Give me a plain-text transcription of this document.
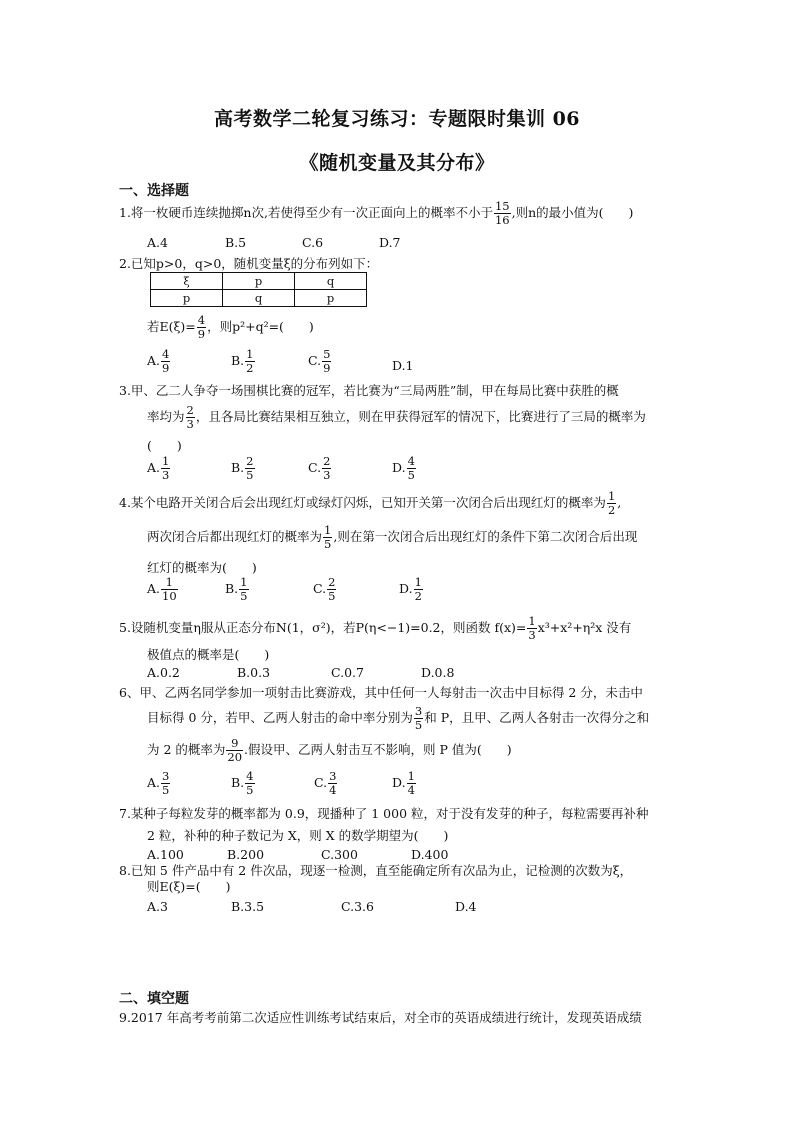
高考数学二轮复习练习：专题限时集训 06
《随机变量及其分布》
一、选择题
1.将一枚硬币连续抛掷n次,若使得至少有一次正面向上的概率不小于 $\frac{15}{16}$ ,则n的最小值为(　　)
A.4	B.5	C.6	D.7
2.已知p>0，q>0，随机变量ξ的分布列如下：
ξ	p	q
p	q	p
若$E(\xi)= \frac{4}{9}$ ，则p²+q²=(　　)
A. $\frac{4}{9}$	B. $\frac{1}{2}$	C. $\frac{5}{9}$	D.1
3.甲、乙二人争夺一场围棋比赛的冠军，若比赛为“三局两胜”制，甲在每局比赛中获胜的概
率均为 $\frac{2}{3}$ ，且各局比赛结果相互独立，则在甲获得冠军的情况下，比赛进行了三局的概率为
(　　)
A. $\frac{1}{3}$	B. $\frac{2}{5}$	C. $\frac{2}{3}$	D. $\frac{4}{5}$
4.某个电路开关闭合后会出现红灯或绿灯闪烁，已知开关第一次闭合后出现红灯的概率为 $\frac{1}{2}$ ,
两次闭合后都出现红灯的概率为 $\frac{1}{5}$ ,则在第一次闭合后出现红灯的条件下第二次闭合后出现
红灯的概率为(　　)
A. $\frac{1}{10}$	B. $\frac{1}{5}$	C. $\frac{2}{5}$	D. $\frac{1}{2}$
5.设随机变量η服从正态分布N(1，σ²)，若P(η<−1)=0.2，则函数 $f(x)= \frac{1}{3} x^3+x^2+\eta^2x$ 没有
极值点的概率是(　　)
A.0.2	B.0.3	C.0.7	D.0.8
6、甲、乙两名同学参加一项射击比赛游戏，其中任何一人每射击一次击中目标得 2 分，未击中
目标得 0 分，若甲、乙两人射击的命中率分别为 $\frac{3}{5}$ 和 P，且甲、乙两人各射击一次得分之和
为 2 的概率为 $\frac{9}{20}$ .假设甲、乙两人射击互不影响，则 P 值为(　　)
A. $\frac{3}{5}$	B. $\frac{4}{5}$	C. $\frac{3}{4}$	D. $\frac{1}{4}$
7.某种子每粒发芽的概率都为 0.9，现播种了 1 000 粒，对于没有发芽的种子，每粒需要再补种
2 粒，补种的种子数记为 X，则 X 的数学期望为(　　)
A.100	B.200	C.300	D.400
8.已知 5 件产品中有 2 件次品，现逐一检测，直至能确定所有次品为止，记检测的次数为ξ，
则E(ξ)=(　　)
A.3	B.3.5	C.3.6	D.4
二、填空题
9.2017 年高考考前第二次适应性训练考试结束后，对全市的英语成绩进行统计，发现英语成绩
